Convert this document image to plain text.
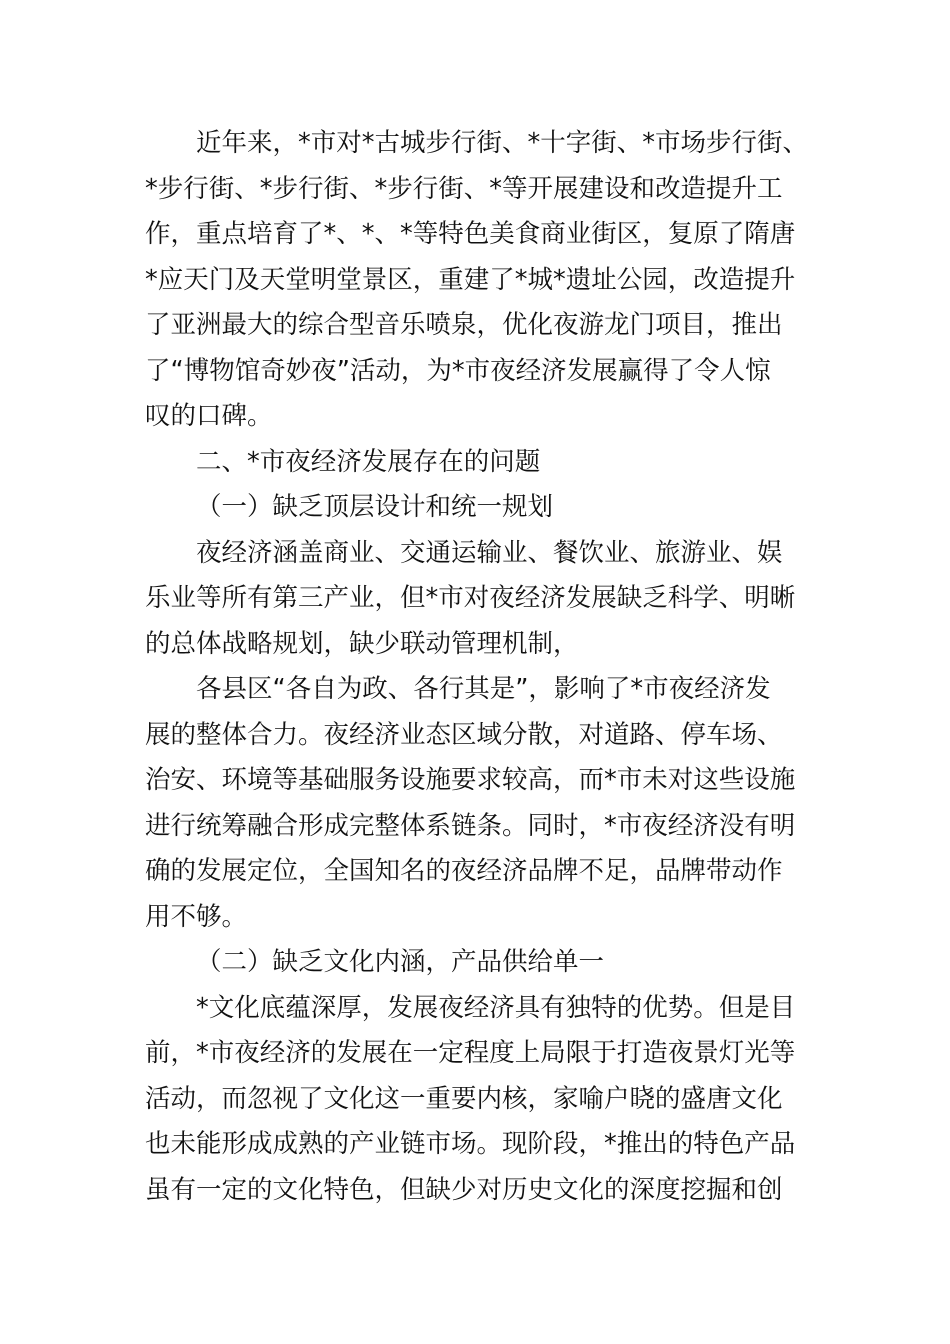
近年来，*市对*古城步行街、*十字街、*市场步行街、
*步行街、*步行街、*步行街、*等开展建设和改造提升工
作，重点培育了*、*、*等特色美食商业街区，复原了隋唐
*应天门及天堂明堂景区，重建了*城*遗址公园，改造提升
了亚洲最大的综合型音乐喷泉，优化夜游龙门项目，推出
了“博物馆奇妙夜”活动，为*市夜经济发展赢得了令人惊
叹的口碑。
二、*市夜经济发展存在的问题
（一）缺乏顶层设计和统一规划
夜经济涵盖商业、交通运输业、餐饮业、旅游业、娱
乐业等所有第三产业，但*市对夜经济发展缺乏科学、明晰
的总体战略规划，缺少联动管理机制，
各县区“各自为政、各行其是”，影响了*市夜经济发
展的整体合力。夜经济业态区域分散，对道路、停车场、
治安、环境等基础服务设施要求较高，而*市未对这些设施
进行统筹融合形成完整体系链条。同时，*市夜经济没有明
确的发展定位，全国知名的夜经济品牌不足，品牌带动作
用不够。
（二）缺乏文化内涵，产品供给单一
*文化底蕴深厚，发展夜经济具有独特的优势。但是目
前，*市夜经济的发展在一定程度上局限于打造夜景灯光等
活动，而忽视了文化这一重要内核，家喻户晓的盛唐文化
也未能形成成熟的产业链市场。现阶段，*推出的特色产品
虽有一定的文化特色，但缺少对历史文化的深度挖掘和创
